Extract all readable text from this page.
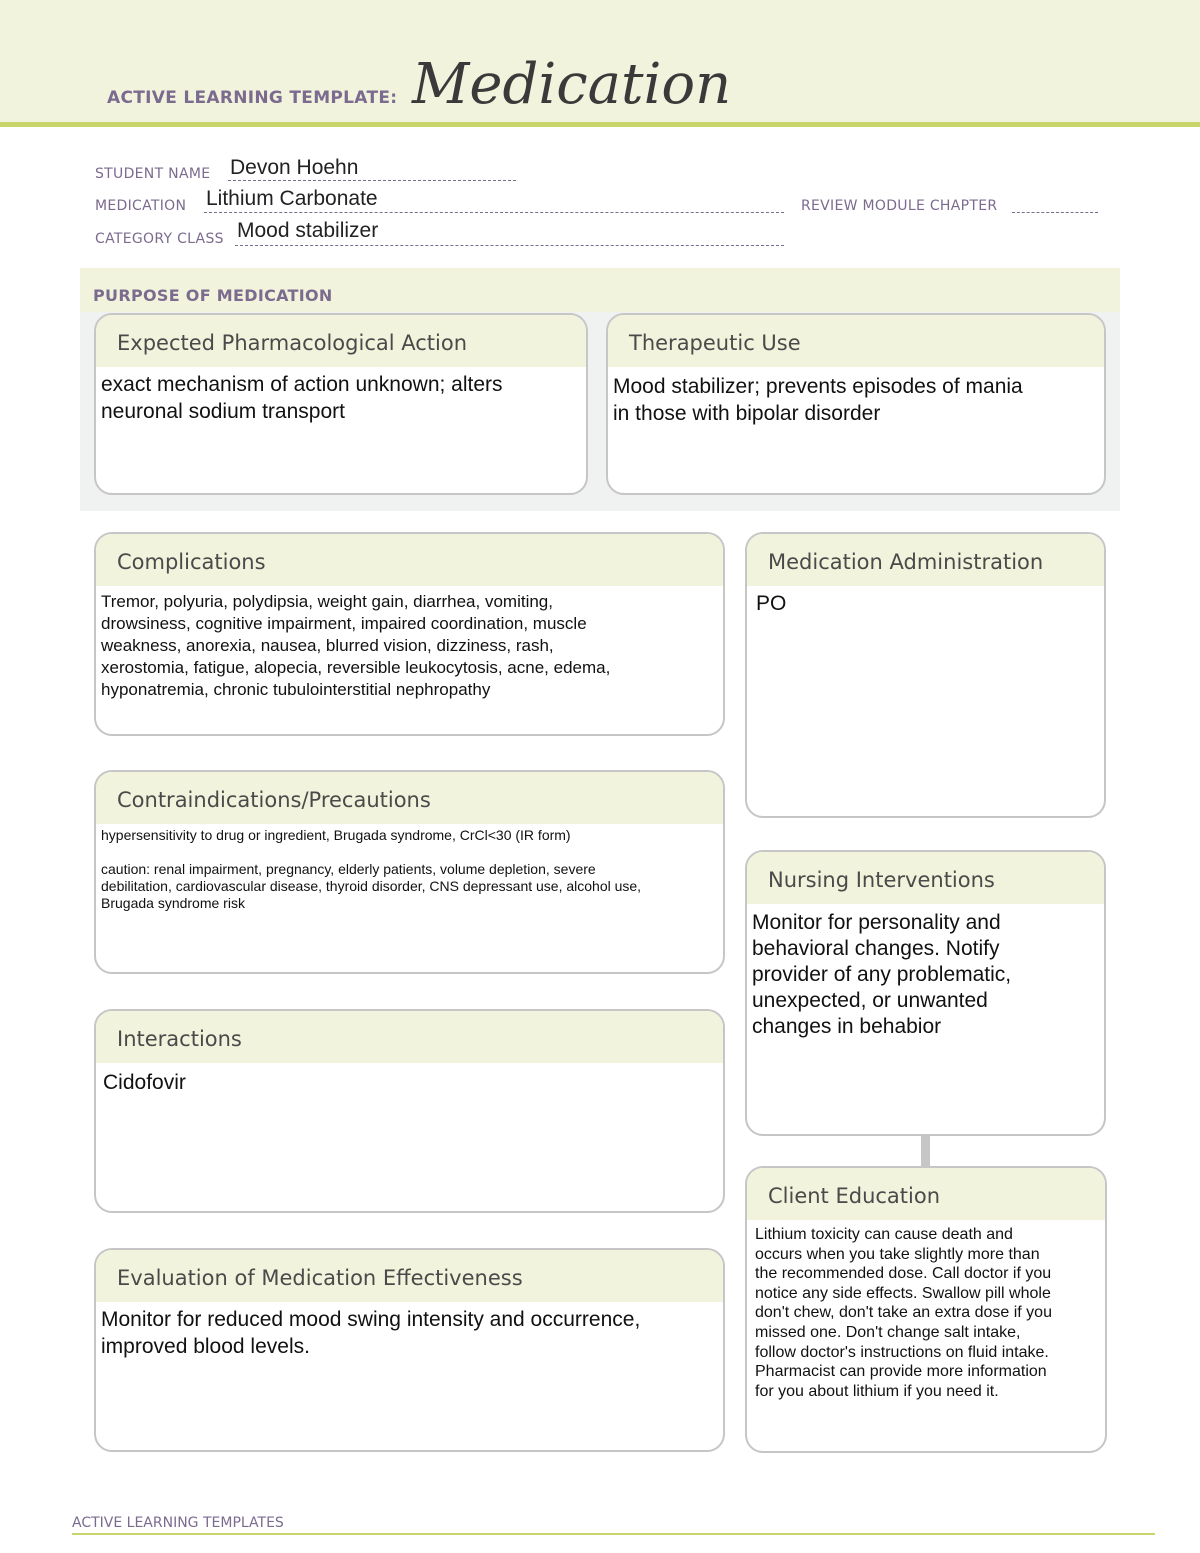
ACTIVE LEARNING TEMPLATE: Medication
STUDENT NAME Devon Hoehn
MEDICATION Lithium Carbonate	REVIEW MODULE CHAPTER
CATEGORY CLASS Mood stabilizer
PURPOSE OF MEDICATION
Expected Pharmacological Action
exact mechanism of action unknown; alters
neuronal sodium transport
Therapeutic Use
Mood stabilizer; prevents episodes of mania
in those with bipolar disorder
Complications
Tremor, polyuria, polydipsia, weight gain, diarrhea, vomiting,
drowsiness, cognitive impairment, impaired coordination, muscle
weakness, anorexia, nausea, blurred vision, dizziness, rash,
xerostomia, fatigue, alopecia, reversible leukocytosis, acne, edema,
hyponatremia, chronic tubulointerstitial nephropathy
Contraindications/Precautions
hypersensitivity to drug or ingredient, Brugada syndrome, CrCl<30 (IR form)

caution: renal impairment, pregnancy, elderly patients, volume depletion, severe
debilitation, cardiovascular disease, thyroid disorder, CNS depressant use, alcohol use,
Brugada syndrome risk
Interactions
Cidofovir
Evaluation of Medication Effectiveness
Monitor for reduced mood swing intensity and occurrence,
improved blood levels.
Medication Administration
PO
Nursing Interventions
Monitor for personality and
behavioral changes. Notify
provider of any problematic,
unexpected, or unwanted
changes in behabior
Client Education
Lithium toxicity can cause death and
occurs when you take slightly more than
the recommended dose. Call doctor if you
notice any side effects. Swallow pill whole
don't chew, don't take an extra dose if you
missed one. Don't change salt intake,
follow doctor's instructions on fluid intake.
Pharmacist can provide more information
for you about lithium if you need it.
ACTIVE LEARNING TEMPLATES
